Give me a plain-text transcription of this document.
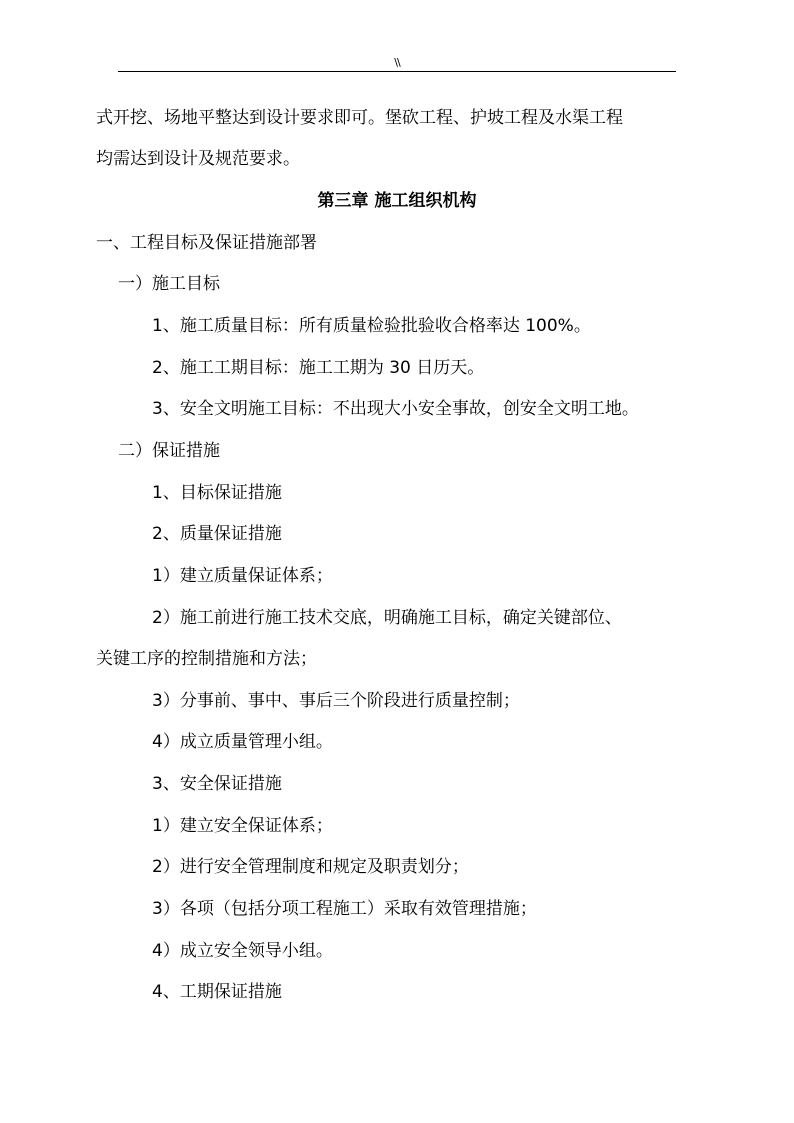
\\
式开挖、场地平整达到设计要求即可。堡砍工程、护坡工程及水渠工程
均需达到设计及规范要求。
第三章 施工组织机构
一、工程目标及保证措施部署
一）施工目标
1、施工质量目标：所有质量检验批验收合格率达 100%。
2、施工工期目标：施工工期为 30 日历天。
3、安全文明施工目标：不出现大小安全事故，创安全文明工地。
二）保证措施
1、目标保证措施
2、质量保证措施
1）建立质量保证体系；
2）施工前进行施工技术交底，明确施工目标，确定关键部位、
关键工序的控制措施和方法；
3）分事前、事中、事后三个阶段进行质量控制；
4）成立质量管理小组。
3、安全保证措施
1）建立安全保证体系；
2）进行安全管理制度和规定及职责划分；
3）各项（包括分项工程施工）采取有效管理措施；
4）成立安全领导小组。
4、工期保证措施
